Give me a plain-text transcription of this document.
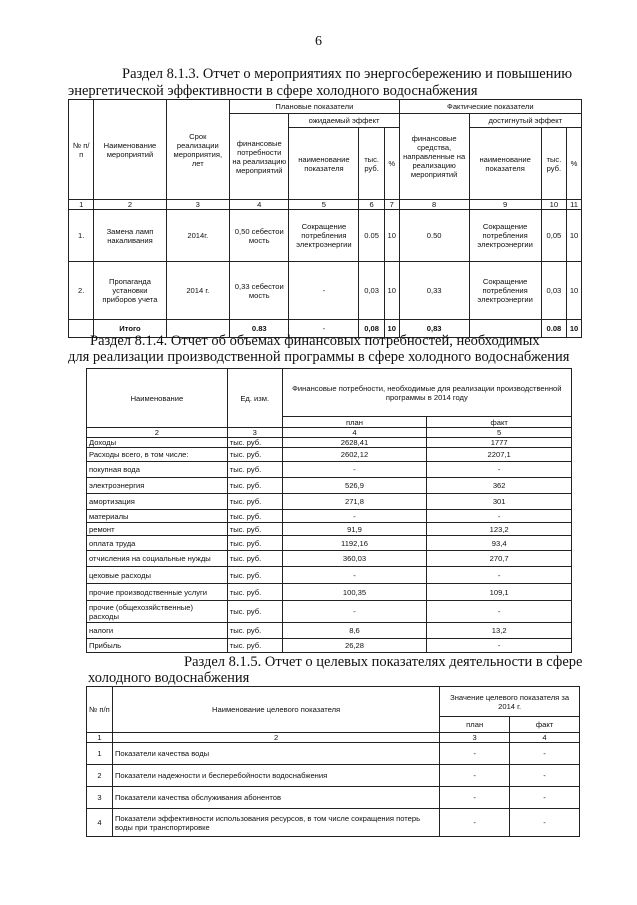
6
Раздел 8.1.3. Отчет о мероприятиях по энергосбережению и повышению
энергетической эффективности в сфере холодного водоснабжения
№ п/п	Наименование мероприятий	Срок реализации мероприятия, лет	Плановые показатели				Фактические показатели			
			финансовые потребности на реализацию мероприятий	ожидаемый эффект			финансовые средства, направленные на реализацию мероприятий	достигнутый эффект		
				наименование показателя	тыс. руб.	%		наименование показателя	тыс. руб.	%
1	2	3	4	5	6	7	8	9	10	11
1.	Замена ламп накаливания	2014г.	0,50 себестои мость	Сокращение потребления электроэнергии	0.05	10	0.50	Сокращение потребления электроэнергии	0,05	10
2.	Пропаганда установки приборов учета	2014 г.	0,33 себестои мость	-	0,03	10	0,33	Сокращение потребления электроэнергии	0,03	10
	Итого		0.83	-	0,08	10	0,83		0.08	10
Раздел 8.1.4. Отчет об объемах финансовых потребностей, необходимых
для реализации производственной программы в сфере холодного водоснабжения
Наименование	Ед. изм.	Финансовые потребности, необходимые для реализации производственной программы в 2014 году	
		план	факт
2	3	4	5
Доходы	тыс. руб.	2628,41	1777
Расходы всего, в том числе:	тыс. руб.	2602,12	2207,1
покупная вода	тыс. руб.	-	-
электроэнергия	тыс. руб.	526,9	362
амортизация	тыс. руб.	271,8	301
материалы	тыс. руб.	-	-
ремонт	тыс. руб.	91,9	123,2
оплата труда	тыс. руб.	1192,16	93,4
отчисления на социальные нужды	тыс. руб.	360,03	270,7
цеховые расходы	тыс. руб.	-	-
прочие производственные услуги	тыс. руб.	100,35	109,1
прочие (общехозяйственные) расходы	тыс. руб.	-	-
налоги	тыс. руб.	8,6	13,2
Прибыль	тыс. руб.	26,28	-
Раздел 8.1.5. Отчет о целевых показателях деятельности в сфере
холодного водоснабжения
№ п/п	Наименование целевого показателя	Значение целевого показателя за 2014 г.	
		план	факт
1	2	3	4
1	Показатели качества воды	-	-
2	Показатели надежности и бесперебойности водоснабжения	-	-
3	Показатели качества обслуживания абонентов	-	-
4	Показатели эффективности использования ресурсов, в том числе сокращения потерь воды при транспортировке	-	-
